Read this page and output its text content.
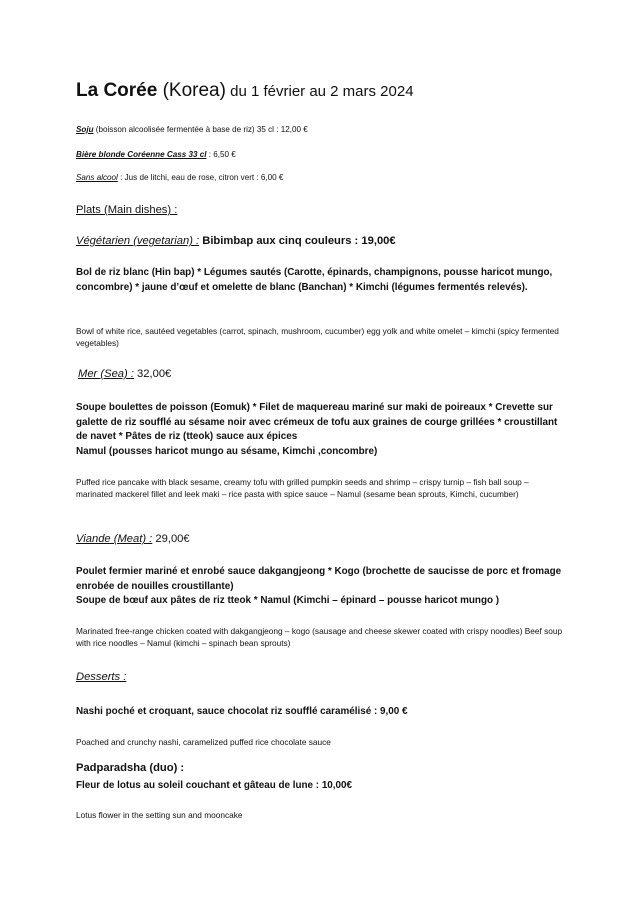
La Corée (Korea) du 1 février au 2 mars 2024

Soju (boisson alcoolisée fermentée à base de riz) 35 cl : 12,00 €

Bière blonde Coréenne Cass 33 cl : 6,50 €

Sans alcool : Jus de litchi, eau de rose, citron vert : 6,00 €

Plats (Main dishes) :

Végétarien (vegetarian) : Bibimbap aux cinq couleurs : 19,00€

Bol de riz blanc (Hin bap) * Légumes sautés (Carotte, épinards, champignons, pousse haricot mungo, concombre) * jaune d’œuf et omelette de blanc (Banchan) * Kimchi (légumes fermentés relevés).

Bowl of white rice, sautéed vegetables (carrot, spinach, mushroom, cucumber) egg yolk and white omelet – kimchi (spicy fermented vegetables)

Mer (Sea) : 32,00€

Soupe boulettes de poisson (Eomuk) * Filet de maquereau mariné sur maki de poireaux * Crevette sur galette de riz soufflé au sésame noir avec crémeux de tofu aux graines de courge grillées * croustillant de navet * Pâtes de riz (tteok) sauce aux épices
Namul (pousses haricot mungo au sésame, Kimchi ,concombre)

Puffed rice pancake with black sesame, creamy tofu with grilled pumpkin seeds and shrimp – crispy turnip – fish ball soup – marinated mackerel fillet and leek maki – rice pasta with spice sauce – Namul (sesame bean sprouts, Kimchi, cucumber)

Viande (Meat) : 29,00€

Poulet fermier mariné et enrobé sauce dakgangjeong * Kogo (brochette de saucisse de porc et fromage enrobée de nouilles croustillante)
Soupe de bœuf aux pâtes de riz tteok * Namul (Kimchi – épinard – pousse haricot mungo )

Marinated free-range chicken coated with dakgangjeong – kogo (sausage and cheese skewer coated with crispy noodles) Beef soup with rice noodles – Namul (kimchi – spinach bean sprouts)

Desserts :

Nashi poché et croquant, sauce chocolat riz soufflé caramélisé : 9,00 €

Poached and crunchy nashi, caramelized puffed rice chocolate sauce

Padparadsha (duo) :

Fleur de lotus au soleil couchant et gâteau de lune : 10,00€

Lotus flower in the setting sun and mooncake
